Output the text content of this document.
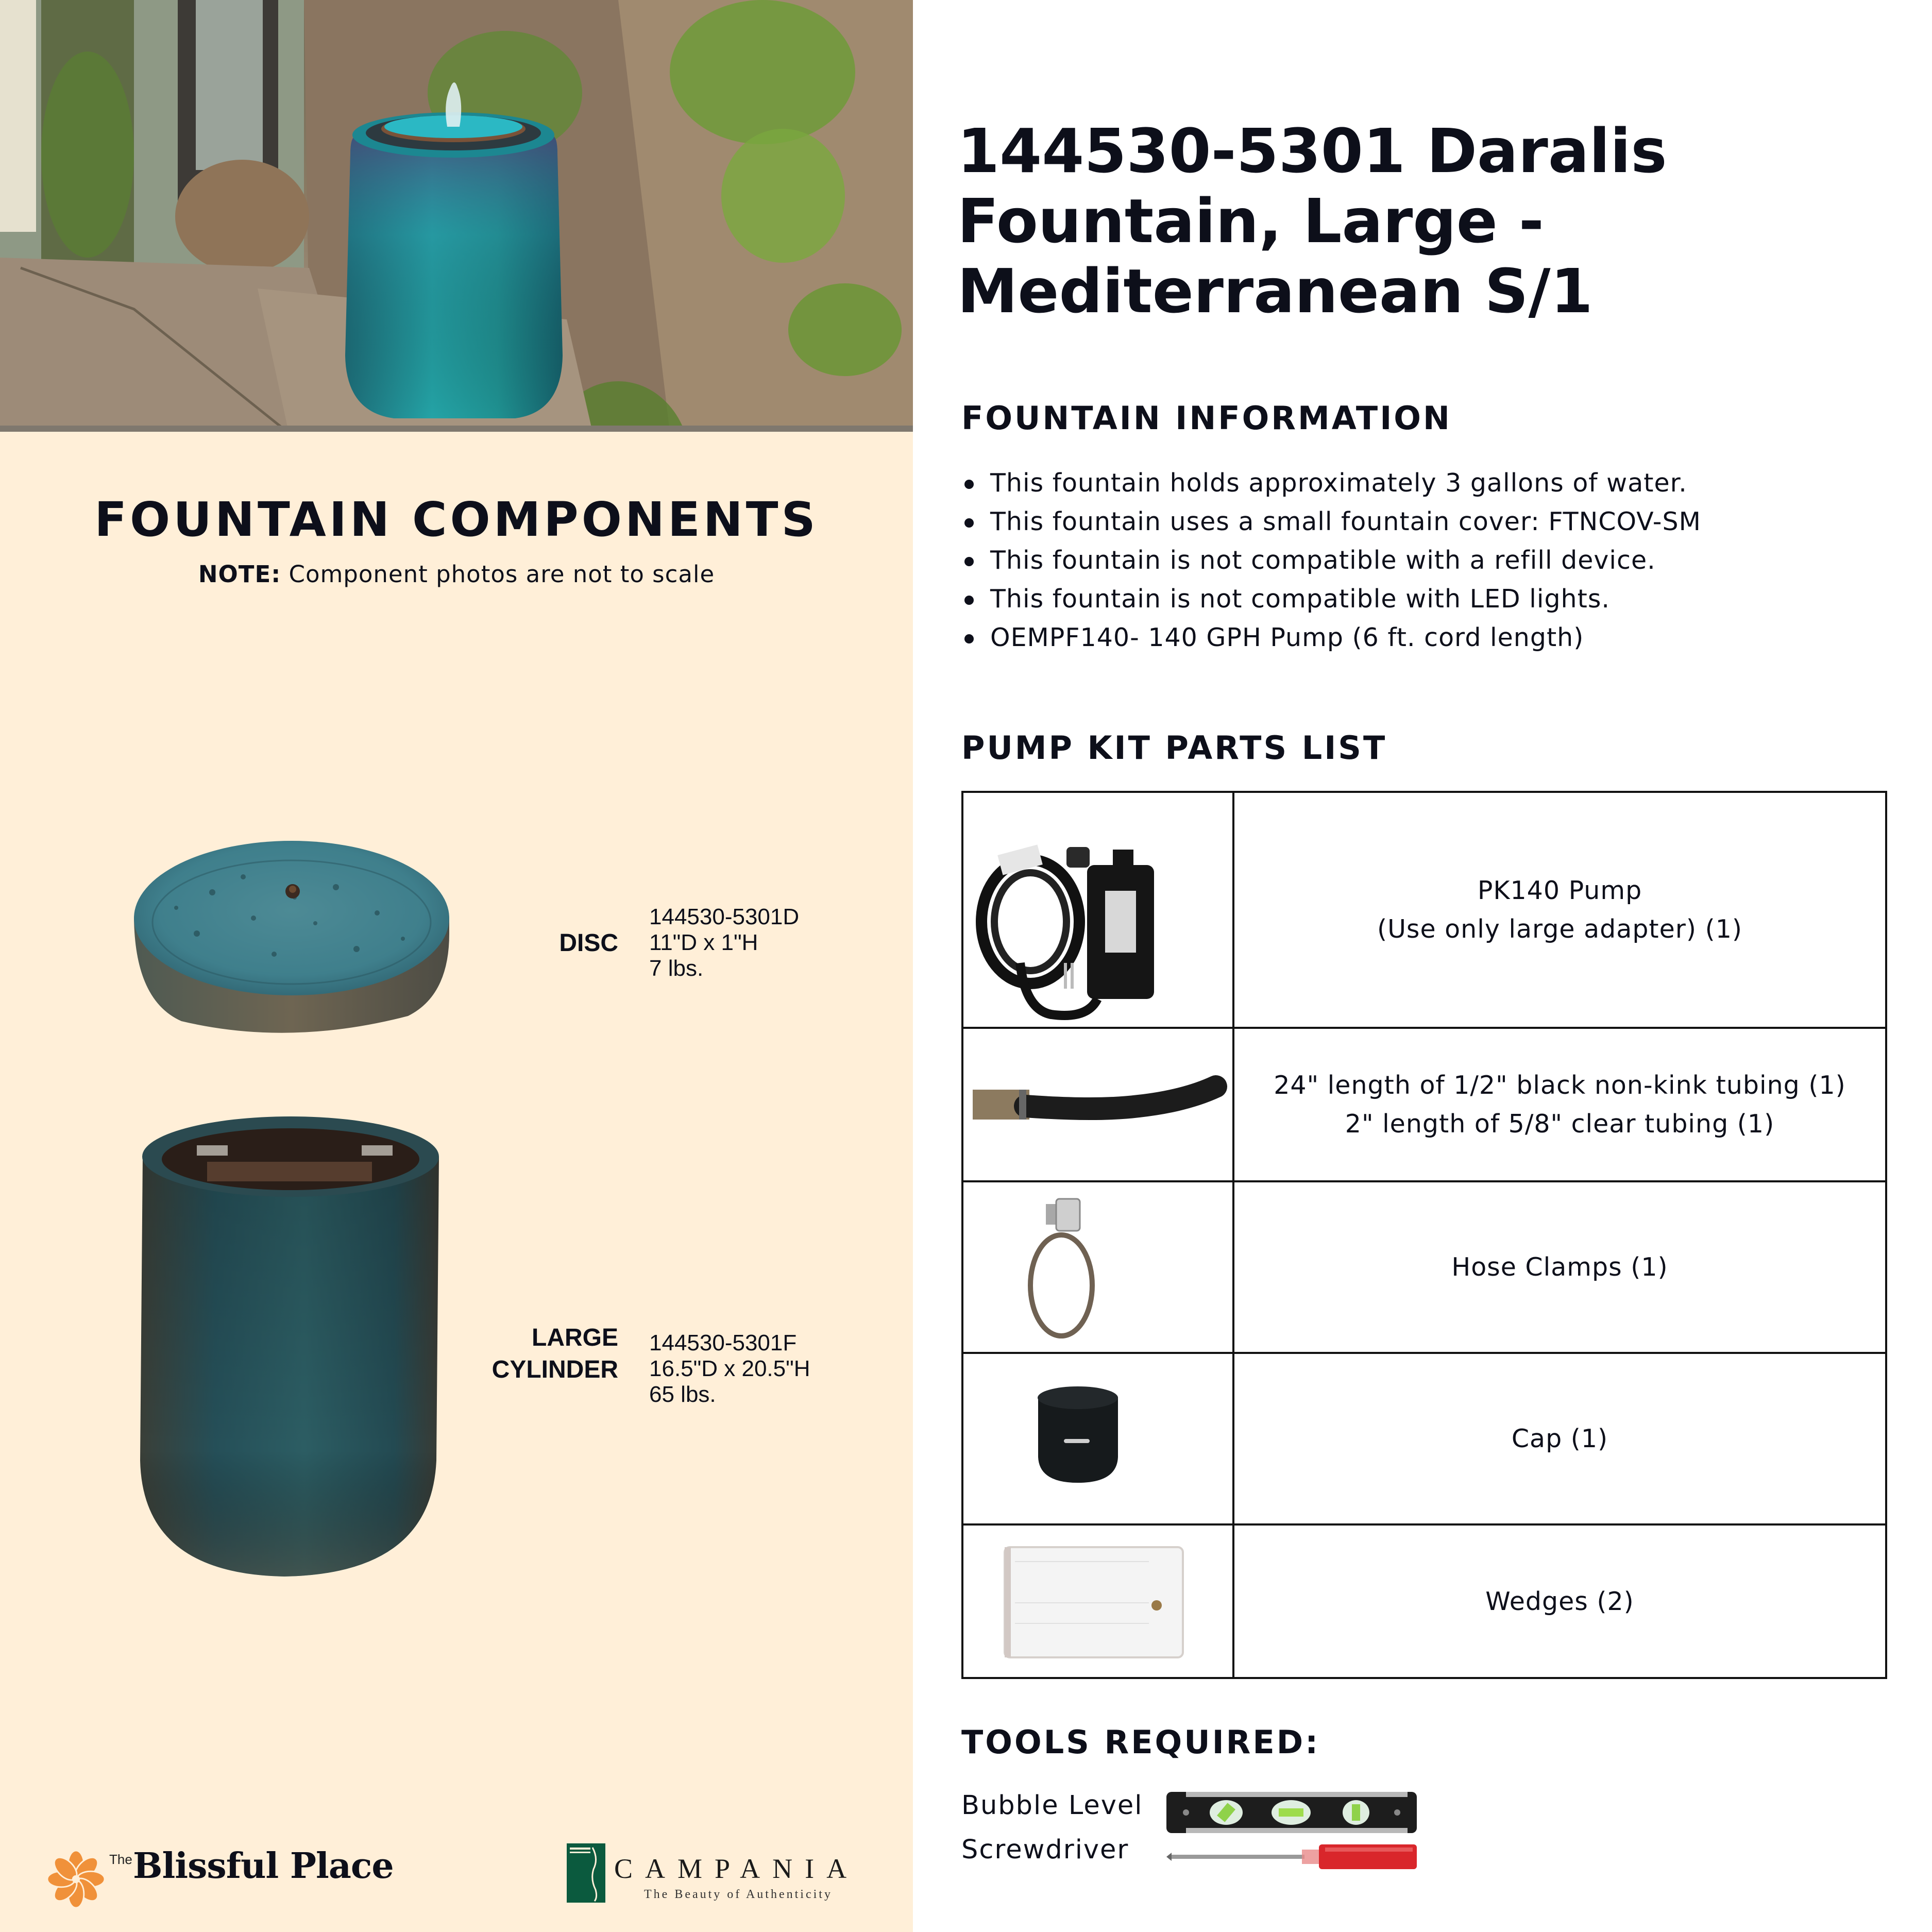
FOUNTAIN COMPONENTS
NOTE: Component photos are not to scale
DISC
144530-5301D
11"D x 1"H
7 lbs.
LARGE
CYLINDER
144530-5301F
16.5"D x 20.5"H
65 lbs.
The Blissful Place	CAMPANIA
The Beauty of Authenticity
144530-5301 Daralis Fountain, Large - Mediterranean S/1
FOUNTAIN INFORMATION
This fountain holds approximately 3 gallons of water.
This fountain uses a small fountain cover: FTNCOV-SM
This fountain is not compatible with a refill device.
This fountain is not compatible with LED lights.
OEMPF140- 140 GPH Pump (6 ft. cord length)
PUMP KIT PARTS LIST

PK140 Pump
(Use only large adapter) (1)

24" length of 1/2" black non-kink tubing (1)
2" length of 5/8" clear tubing (1)

Hose Clamps (1)

Cap (1)

Wedges (2)
TOOLS REQUIRED:
Bubble Level
Screwdriver
